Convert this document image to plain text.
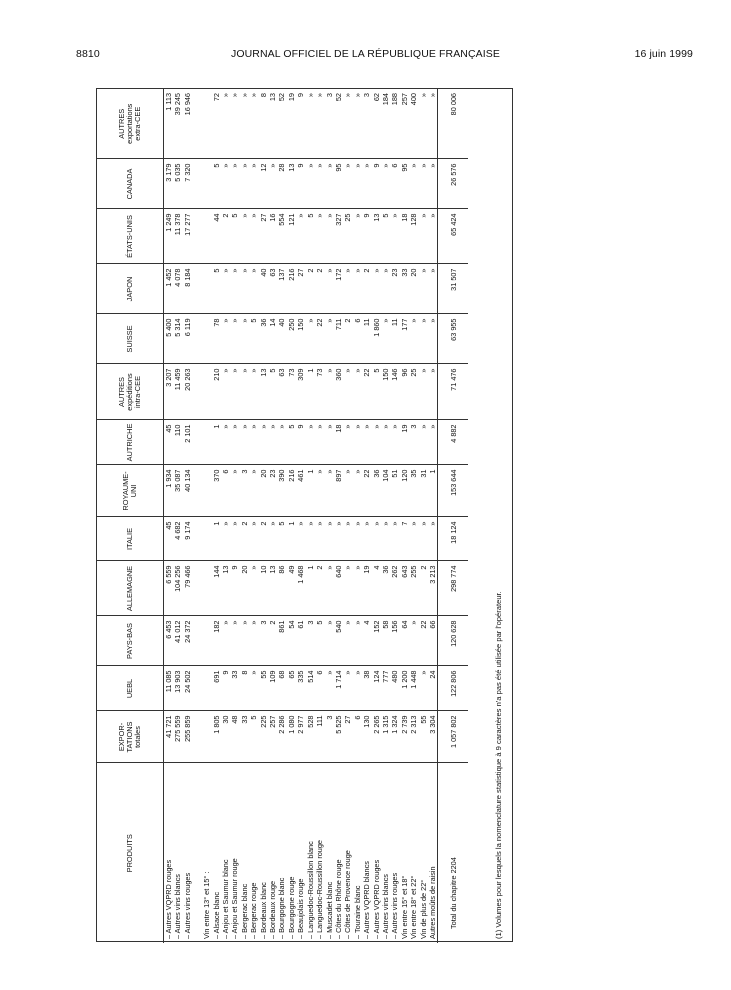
8810	JOURNAL OFFICIEL DE LA RÉPUBLIQUE FRANÇAISE	16 juin 1999
PRODUITS	EXPOR-
TATIONS
totales	UEBL	PAYS-BAS	ALLEMAGNE	ITALIE	ROYAUME-
UNI	AUTRICHE	AUTRES
expéditions
intra-CEE	SUISSE	JAPON	ÉTATS-UNIS	CANADA	AUTRES
exportations
extra-CEE
– Autres VQPRD rouges	41 721	11 085	6 453	6 559	45	1 934	45	3 207	5 400	1 452	1 249	3 179	1 113
– Autres vins blancs	275 559	13 903	41 012	104 256	4 682	35 087	110	11 459	5 314	4 078	11 378	5 035	39 245
– Autres vins rouges	255 859	24 502	24 372	79 466	9 174	40 134	2 101	20 263	6 119	8 184	17 277	7 320	16 946

Vin entre 13° et 15° :													
– Alsace blanc	1 805	691	182	144	1	370	1	210	78	5	44	5	72
– Anjou et Saumur blanc	30	9	»	13	»	6	»	»	»	»	2	»	»
– Anjou et Saumur rouge	48	33	»	9	»	»	»	»	»	»	5	»	»
– Bergerac blanc	33	8	»	20	2	3	»	»	»	»	»	»	»
– Bergerac rouge	5	»	»	»	»	»	»	»	5	»	»	»	»
– Bordeaux blanc	225	55	3	10	2	20	»	13	36	40	27	12	8
– Bordeaux rouge	257	109	2	13	»	23	»	5	14	63	16	»	13
– Bourgogne blanc	2 286	68	861	86	5	390	»	63	40	137	554	28	52
– Bourgogne rouge	1 080	65	54	49	1	216	5	73	250	216	121	13	19
– Beaujolais rouge	2 977	335	61	1 468	»	461	9	309	150	27	»	9	9
– Languedoc-Roussillon blanc	528	514	3	1	»	1	»	1	»	2	5	»	»
– Languedoc-Roussillon rouge	111	6	5	2	»	»	»	73	22	2	»	»	»
– Muscadet blanc	3	»	»	»	»	»	»	»	»	»	»	»	3
– Côtes du Rhône rouge	5 525	1 714	540	640	»	897	18	360	711	172	327	95	52
– Côtes de Provence rouge	27	»	»	»	»	»	»	»	2	»	25	»	»
– Touraine blanc	6	»	»	»	»	»	»	»	6	»	»	»	»
– Autres VQPRD blancs	130	38	4	19	»	22	»	22	11	2	9	»	3
– Autres VQPRD rouges	2 265	124	152	4	»	36	»	5	1 860	»	13	9	62
– Autres vins blancs	1 315	777	58	36	»	104	»	150	»	»	5	»	184
– Autres vins rouges	1 324	480	156	262	»	51	»	146	11	23	»	6	188
Vin entre 15° et 18°	2 739	1 200	64	643	7	120	19	96	177	33	18	95	257
Vin entre 18° et 22°	2 313	1 448	»	255	»	35	3	25	»	20	128	»	400
Vin de plus de 22°	55	»	22	2	»	31	»	»	»	»	»	»	»
Autres moûts de raisin	3 304	24	66	3 213	»	1	»	»	»	»	»	»	»
Total du chapitre 2204	1 057 802	122 806	120 628	298 774	18 124	153 644	4 882	71 476	63 955	31 507	65 424	26 576	80 006
(1) Volumes pour lesquels la nomenclature statistique à 9 caractères n'a pas été utilisée par l'opérateur.
